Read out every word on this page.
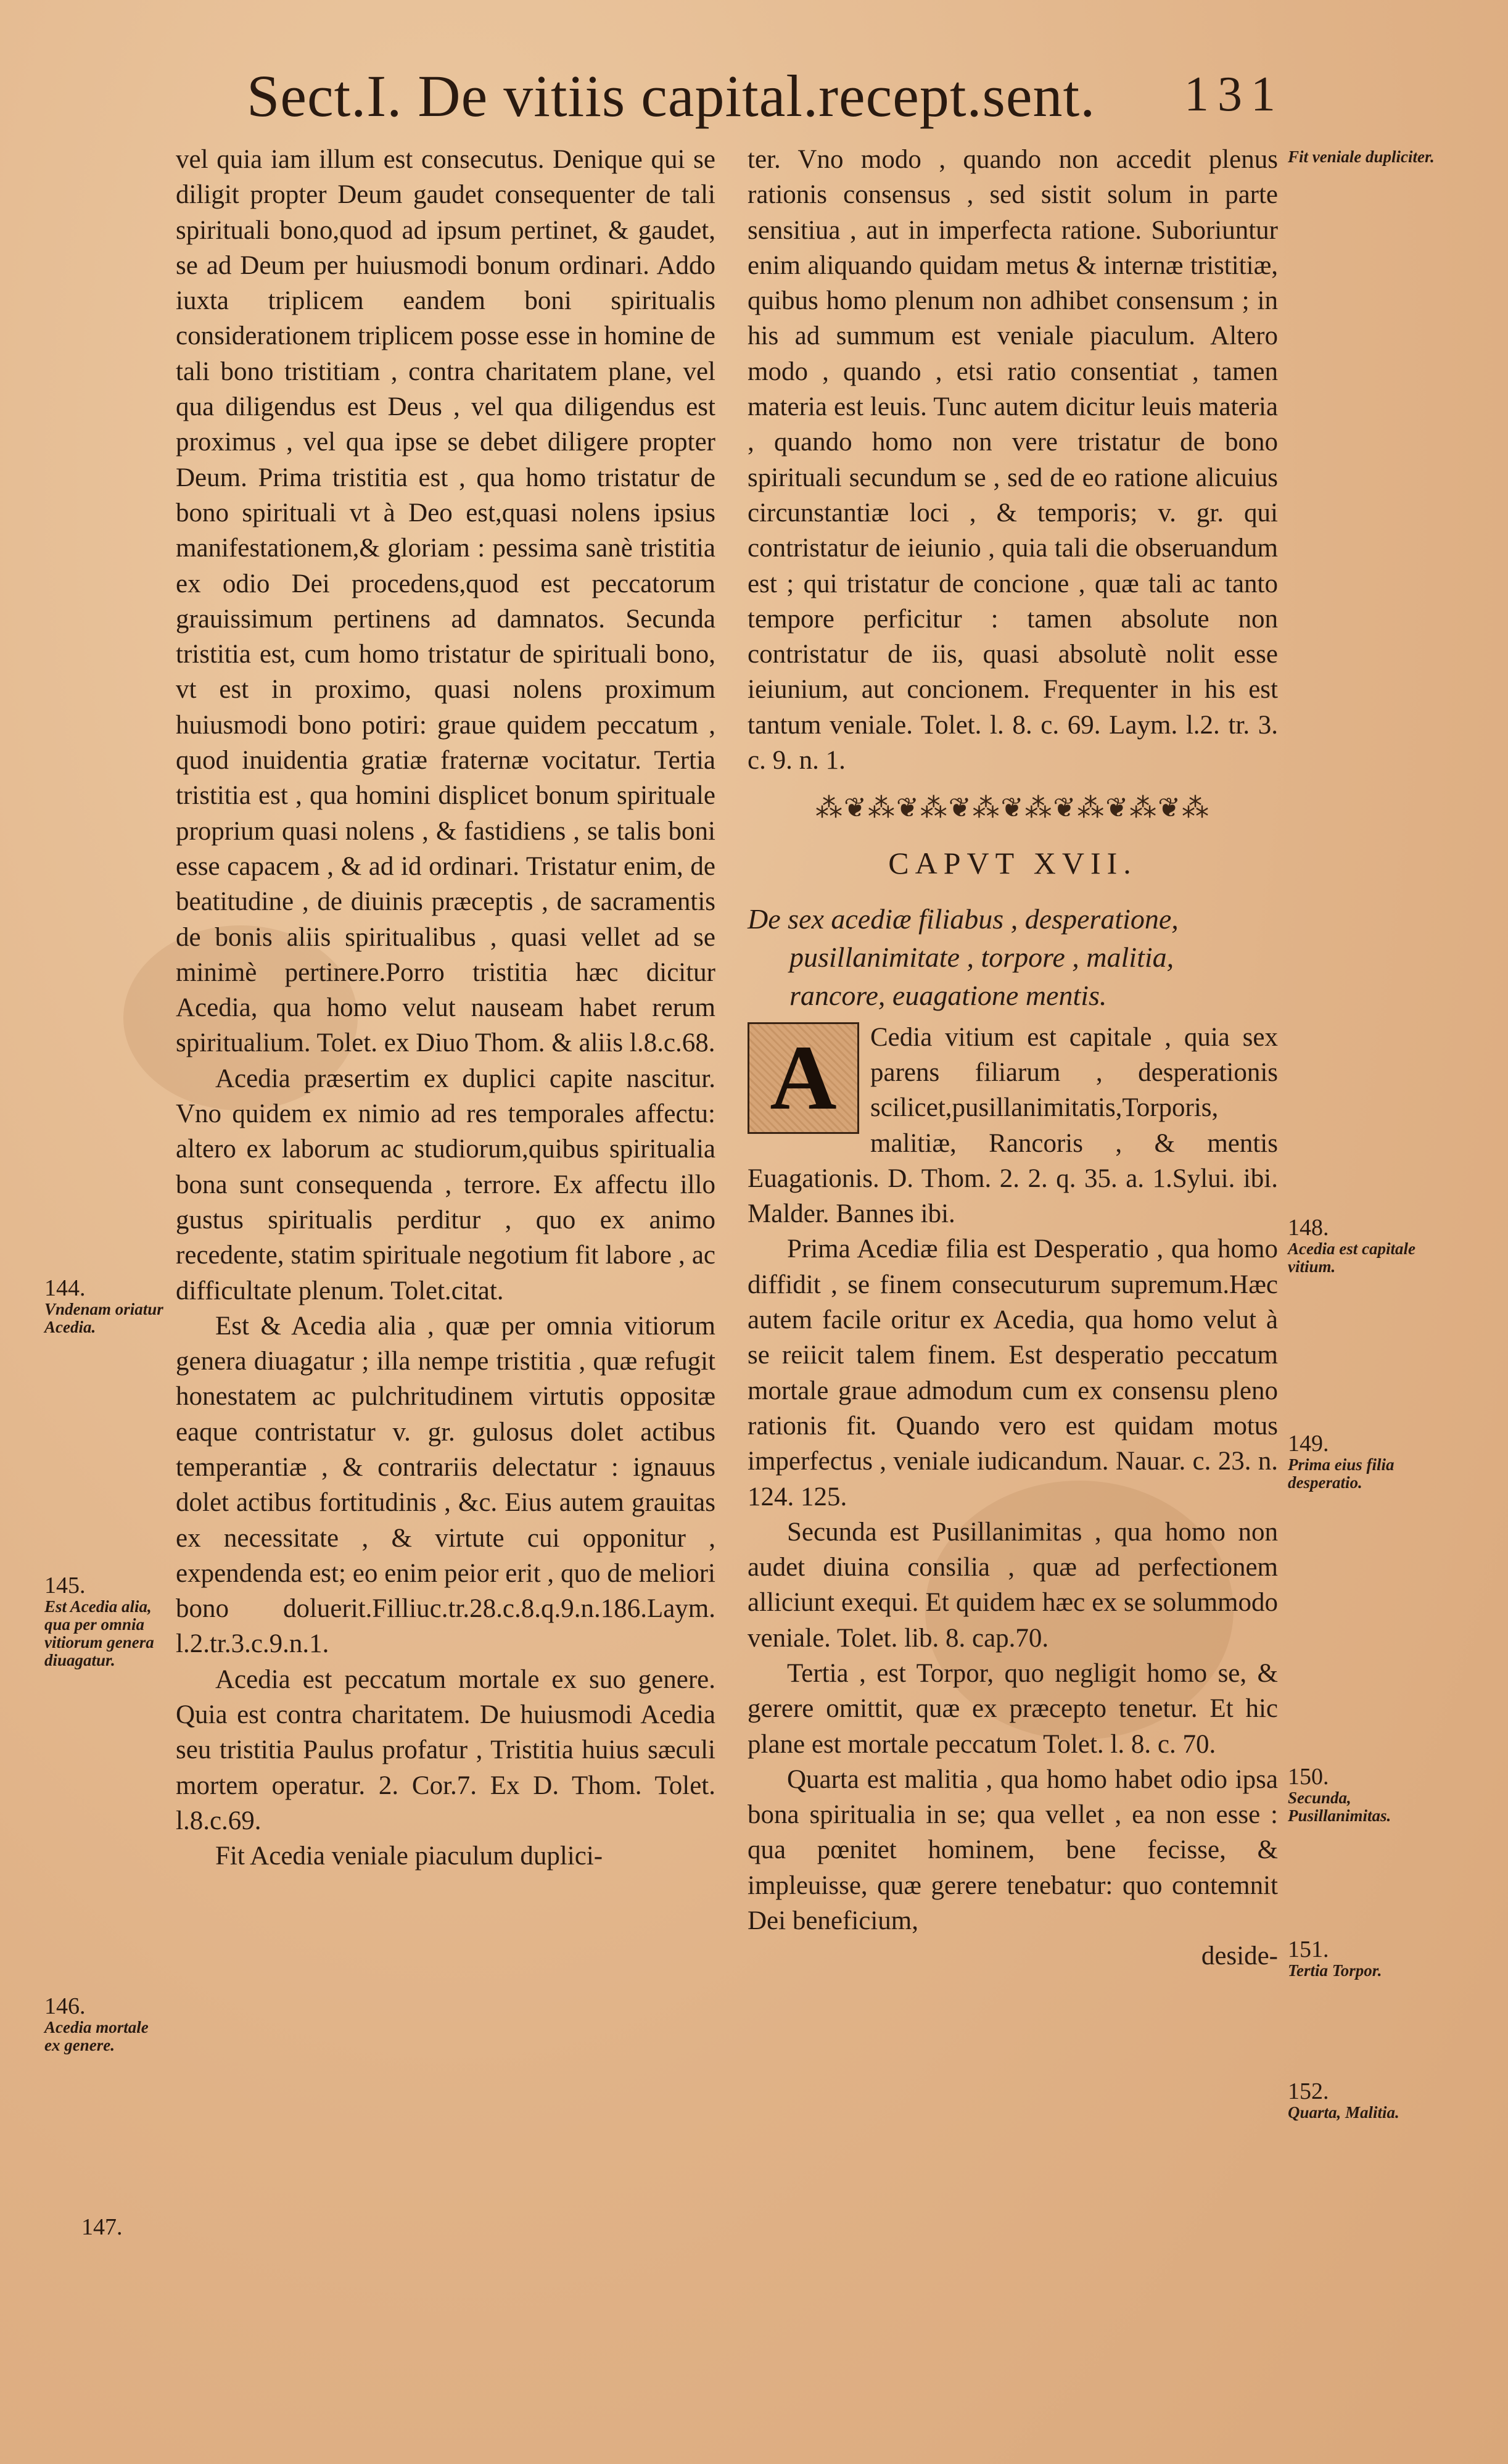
Sect.I. De vitiis capital.recept.sent. 131

vel quia iam illum est consecutus. Denique qui se diligit propter Deum gaudet consequenter de tali spirituali bono,quod ad ipsum pertinet, & gaudet, se ad Deum per huiusmodi bonum ordinari. Addo iuxta triplicem eandem boni spiritualis considerationem triplicem posse esse in homine de tali bono tristitiam , contra charitatem plane, vel qua diligendus est Deus , vel qua diligendus est proximus , vel qua ipse se debet diligere propter Deum. Prima tristitia est , qua homo tristatur de bono spirituali vt à Deo est,quasi nolens ipsius manifestationem,& gloriam : pessima sanè tristitia ex odio Dei procedens,quod est peccatorum grauissimum pertinens ad damnatos. Secunda tristitia est, cum homo tristatur de spirituali bono, vt est in proximo, quasi nolens proximum huiusmodi bono potiri: graue quidem peccatum , quod inuidentia gratiæ fraternæ vocitatur. Tertia tristitia est , qua homini displicet bonum spirituale proprium quasi nolens , & fastidiens , se talis boni esse capacem , & ad id ordinari. Tristatur enim, de beatitudine , de diuinis præceptis , de sacramentis de bonis aliis spiritualibus , quasi vellet ad se minimè pertinere.Porro tristitia hæc dicitur Acedia, qua homo velut nauseam habet rerum spiritualium. Tolet. ex Diuo Thom. & aliis l.8.c.68.

Acedia præsertim ex duplici capite nascitur. Vno quidem ex nimio ad res temporales affectu: altero ex laborum ac studiorum,quibus spiritualia bona sunt consequenda , terrore. Ex affectu illo gustus spiritualis perditur , quo ex animo recedente, statim spirituale negotium fit labore , ac difficultate plenum. Tolet.citat.

Est & Acedia alia , quæ per omnia vitiorum genera diuagatur ; illa nempe tristitia , quæ refugit honestatem ac pulchritudinem virtutis oppositæ eaque contristatur v. gr. gulosus dolet actibus temperantiæ , & contrariis delectatur : ignauus dolet actibus fortitudinis , &c. Eius autem grauitas ex necessitate , & virtute cui opponitur , expendenda est; eo enim peior erit , quo de meliori bono doluerit.Filliuc.tr.28.c.8.q.9.n.186.Laym. l.2.tr.3.c.9.n.1.

Acedia est peccatum mortale ex suo genere. Quia est contra charitatem. De huiusmodi Acedia seu tristitia Paulus profatur , Tristitia huius sæculi mortem operatur. 2. Cor.7. Ex D. Thom. Tolet. l.8.c.69.

Fit Acedia veniale piaculum duplici-

ter. Vno modo , quando non accedit plenus rationis consensus , sed sistit solum in parte sensitiua , aut in imperfecta ratione. Suboriuntur enim aliquando quidam metus & internæ tristitiæ, quibus homo plenum non adhibet consensum ; in his ad summum est veniale piaculum. Altero modo , quando , etsi ratio consentiat , tamen materia est leuis. Tunc autem dicitur leuis materia , quando homo non vere tristatur de bono spirituali secundum se , sed de eo ratione alicuius circunstantiæ loci , & temporis; v. gr. qui contristatur de ieiunio , quia tali die obseruandum est ; qui tristatur de concione , quæ tali ac tanto tempore perficitur : tamen absolute non contristatur de iis, quasi absolutè nolit esse ieiunium, aut concionem. Frequenter in his est tantum veniale. Tolet. l. 8. c. 69. Laym. l.2. tr. 3. c. 9. n. 1.

⁂❦⁂❦⁂❦⁂❦⁂❦⁂❦⁂❦⁂
CAPVT XVII.
De sex acediæ filiabus , desperatione,
pusillanimitate , torpore , malitia,
rancore, euagatione mentis.

A	Cedia vitium est capitale , quia sex parens filiarum , desperationis scilicet,pusillanimitatis,Torporis, malitiæ, Rancoris , & mentis Euagationis. D. Thom. 2. 2. q. 35. a. 1.Sylui. ibi. Malder. Bannes ibi.

Prima Acediæ filia est Desperatio , qua homo diffidit , se finem consecuturum supremum.Hæc autem facile oritur ex Acedia, qua homo velut à se reiicit talem finem. Est desperatio peccatum mortale graue admodum cum ex consensu pleno rationis fit. Quando vero est quidam motus imperfectus , veniale iudicandum. Nauar. c. 23. n. 124. 125.

Secunda est Pusillanimitas , qua homo non audet diuina consilia , quæ ad perfectionem alliciunt exequi. Et quidem hæc ex se solummodo veniale. Tolet. lib. 8. cap.70.

Tertia , est Torpor, quo negligit homo se, & gerere omittit, quæ ex præcepto tenetur. Et hic plane est mortale peccatum Tolet. l. 8. c. 70.

Quarta est malitia , qua homo habet odio ipsa bona spiritualia in se; qua vellet , ea non esse : qua pœnitet hominem, bene fecisse, & impleuisse, quæ gerere tenebatur: quo contemnit Dei beneficium,

deside-

144.
Vndenam oriatur Acedia.
145.
Est Acedia alia, qua per omnia vitiorum genera diuagatur.
146.
Acedia mortale ex genere.
147.
Fit veniale dupliciter.
148.
Acedia est capitale vitium.
149.
Prima eius filia desperatio.
150.
Secunda, Pusillanimitas.
151.
Tertia Torpor.
152.
Quarta, Malitia.
